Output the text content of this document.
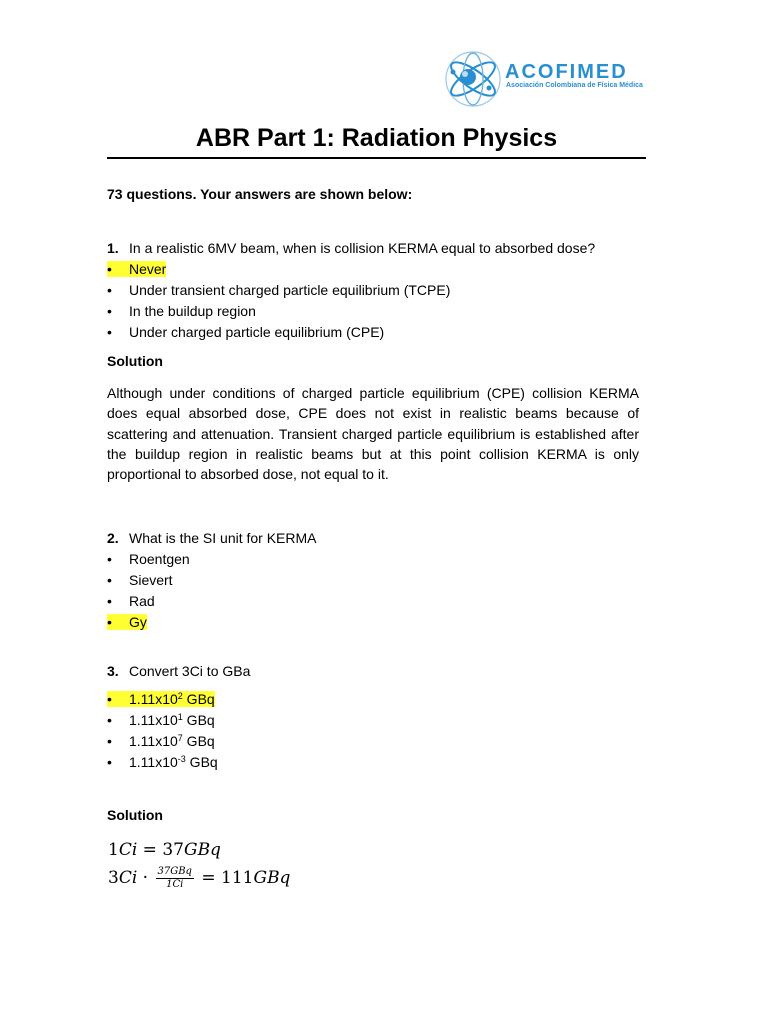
ACOFIMED
Asociación Colombiana de Física Médica
ABR Part 1: Radiation Physics
73 questions. Your answers are shown below:
1. In a realistic 6MV beam, when is collision KERMA equal to absorbed dose?
• Never
• Under transient charged particle equilibrium (TCPE)
• In the buildup region
• Under charged particle equilibrium (CPE)
Solution

Although under conditions of charged particle equilibrium (CPE) collision KERMA does equal absorbed dose, CPE does not exist in realistic beams because of scattering and attenuation. Transient charged particle equilibrium is established after the buildup region in realistic beams but at this point collision KERMA is only proportional to absorbed dose, not equal to it.

2. What is the SI unit for KERMA
• Roentgen
• Sievert
• Rad
• Gy
3. Convert 3Ci to GBa
• $1.11x10^2$ GBq
• $1.11x10^1$ GBq
• $1.11x10^7$ GBq
• $1.11x10^{-3}$ GBq
Solution
1Ci = 37GBq
$3Ci \cdot \frac{\text{37GBq}}{1Ci} = 111GBq$
